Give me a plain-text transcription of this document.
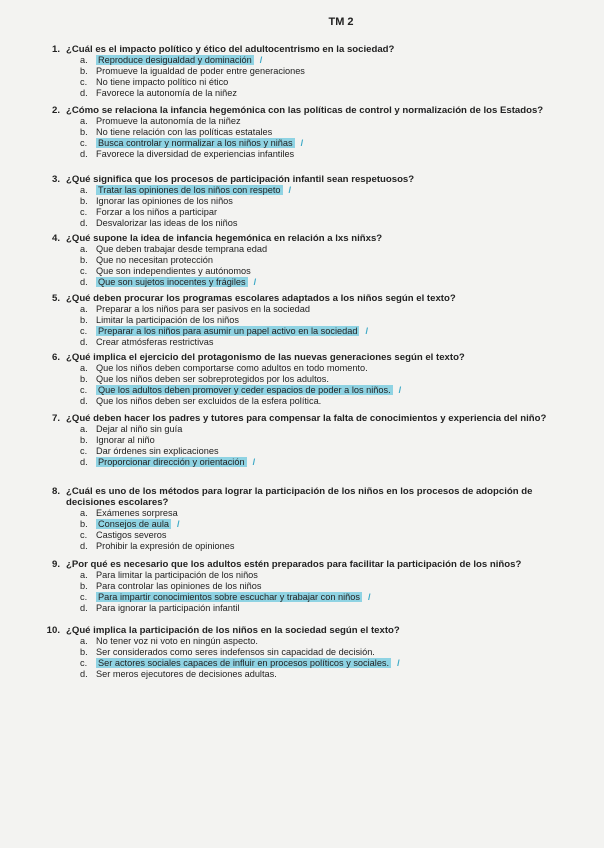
TM 2
1. ¿Cuál es el impacto político y ético del adultocentrismo en la sociedad?
a.	Reproduce desigualdad y dominación /
b. Promueve la igualdad de poder entre generaciones
c. No tiene impacto político ni ético
d. Favorece la autonomía de la niñez
2. ¿Cómo se relaciona la infancia hegemónica con las políticas de control y normalización de los Estados?
a. Promueve la autonomía de la niñez
b. No tiene relación con las políticas estatales
c.	Busca controlar y normalizar a los niños y niñas /
d. Favorece la diversidad de experiencias infantiles
3. ¿Qué significa que los procesos de participación infantil sean respetuosos?
a.	Tratar las opiniones de los niños con respeto /
b. Ignorar las opiniones de los niños
c. Forzar a los niños a participar
d. Desvalorizar las ideas de los niños
4. ¿Qué supone la idea de infancia hegemónica en relación a lxs niñxs?
a. Que deben trabajar desde temprana edad
b. Que no necesitan protección
c. Que son independientes y autónomos
d.	Que son sujetos inocentes y frágiles /
5. ¿Qué deben procurar los programas escolares adaptados a los niños según el texto?
a. Preparar a los niños para ser pasivos en la sociedad
b. Limitar la participación de los niños
c.	Preparar a los niños para asumir un papel activo en la sociedad /
d. Crear atmósferas restrictivas
6. ¿Qué implica el ejercicio del protagonismo de las nuevas generaciones según el texto?
a. Que los niños deben comportarse como adultos en todo momento.
b. Que los niños deben ser sobreprotegidos por los adultos.
c.	Que los adultos deben promover y ceder espacios de poder a los niños. /
d. Que los niños deben ser excluidos de la esfera política.
7. ¿Qué deben hacer los padres y tutores para compensar la falta de conocimientos y experiencia del niño?
a. Dejar al niño sin guía
b. Ignorar al niño
c. Dar órdenes sin explicaciones
d.	Proporcionar dirección y orientación /
8. ¿Cuál es uno de los métodos para lograr la participación de los niños en los procesos de adopción de decisiones escolares?
a. Exámenes sorpresa
b.	Consejos de aula /
c. Castigos severos
d. Prohibir la expresión de opiniones
9. ¿Por qué es necesario que los adultos estén preparados para facilitar la participación de los niños?
a. Para limitar la participación de los niños
b. Para controlar las opiniones de los niños
c.	Para impartir conocimientos sobre escuchar y trabajar con niños /
d. Para ignorar la participación infantil
10. ¿Qué implica la participación de los niños en la sociedad según el texto?
a. No tener voz ni voto en ningún aspecto.
b. Ser considerados como seres indefensos sin capacidad de decisión.
c.	Ser actores sociales capaces de influir en procesos políticos y sociales. /
d. Ser meros ejecutores de decisiones adultas.
